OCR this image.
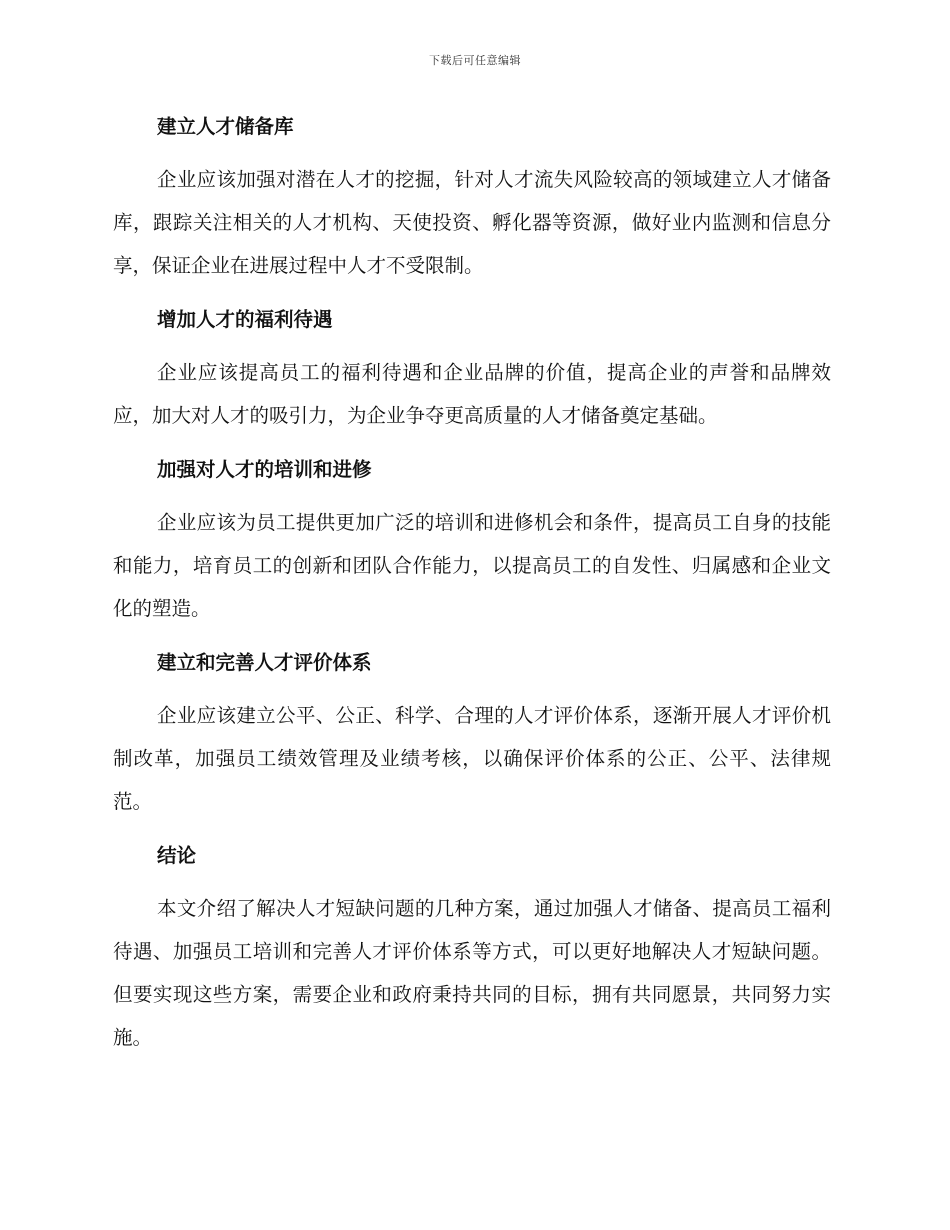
下载后可任意编辑
建立人才储备库

企业应该加强对潜在人才的挖掘，针对人才流失风险较高的领域建立人才储备库，跟踪关注相关的人才机构、天使投资、孵化器等资源，做好业内监测和信息分享，保证企业在进展过程中人才不受限制。

增加人才的福利待遇

企业应该提高员工的福利待遇和企业品牌的价值，提高企业的声誉和品牌效应，加大对人才的吸引力，为企业争夺更高质量的人才储备奠定基础。

加强对人才的培训和进修

企业应该为员工提供更加广泛的培训和进修机会和条件，提高员工自身的技能和能力，培育员工的创新和团队合作能力，以提高员工的自发性、归属感和企业文化的塑造。

建立和完善人才评价体系

企业应该建立公平、公正、科学、合理的人才评价体系，逐渐开展人才评价机制改革，加强员工绩效管理及业绩考核，以确保评价体系的公正、公平、法律规范。

结论

本文介绍了解决人才短缺问题的几种方案，通过加强人才储备、提高员工福利待遇、加强员工培训和完善人才评价体系等方式，可以更好地解决人才短缺问题。但要实现这些方案，需要企业和政府秉持共同的目标，拥有共同愿景，共同努力实施。
